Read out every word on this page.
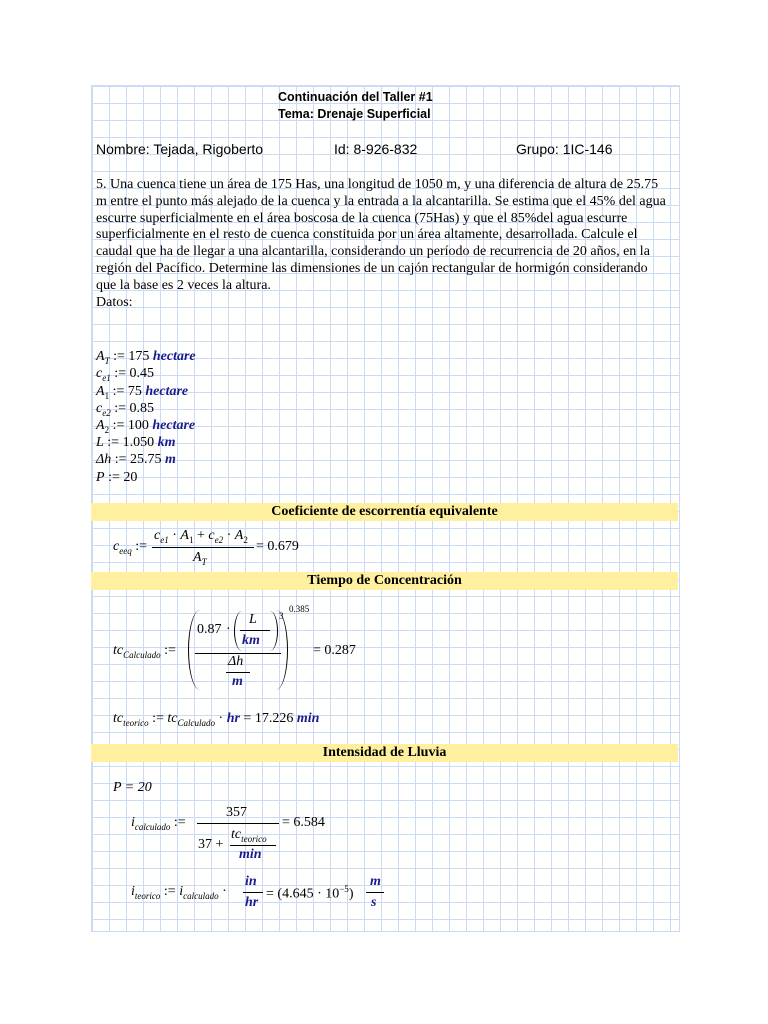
Continuación del Taller #1
Tema: Drenaje Superficial
Nombre: Tejada, Rigoberto	Id: 8-926-832	Grupo: 1IC-146
5. Una cuenca tiene un área de 175 Has, una longitud de 1050 m, y una diferencia de altura de 25.75 m entre el punto más alejado de la cuenca y la entrada a la alcantarilla. Se estima que el 45% del agua escurre superficialmente en el área boscosa de la cuenca (75Has) y que el 85%del agua escurre superficialmente en el resto de cuenca constituida por un área altamente, desarrollada. Calcule el caudal que ha de llegar a una alcantarilla, considerando un período de recurrencia de 20 años, en la región del Pacífico. Determine las dimensiones de un cajón rectangular de hormigón considerando que la base es 2 veces la altura.
Datos:
$A_T$ := 175 hectare
$c_{e1}$ := 0.45
$A_1$ := 75 hectare
$c_{e2}$ := 0.85
$A_2$ := 100 hectare
L := 1.050 km
Δh := 25.75 m
P := 20
Coeficiente de escorrentía equivalente
$c_{eeq}$ :=
$c_{e1} \cdot A_1 + c_{e2} \cdot A_2$
$A_T$
= 0.679
Tiempo de Concentración
$tc_{Calculado}$ :=
0.385
0.87 ·
L
km
3
Δh
m
= 0.287
$tc_{teorico}$ := $tc_{Calculado}$ · hr = 17.226 min
Intensidad de Lluvia
P = 20
$i_{calculado}$ :=
357
37 +
$tc_{teorico}$
min
= 6.584
$i_{teorico}$ := $i_{calculado}$ ·
in
hr
= $(4.645 \cdot 10^{-5})$
m
s
